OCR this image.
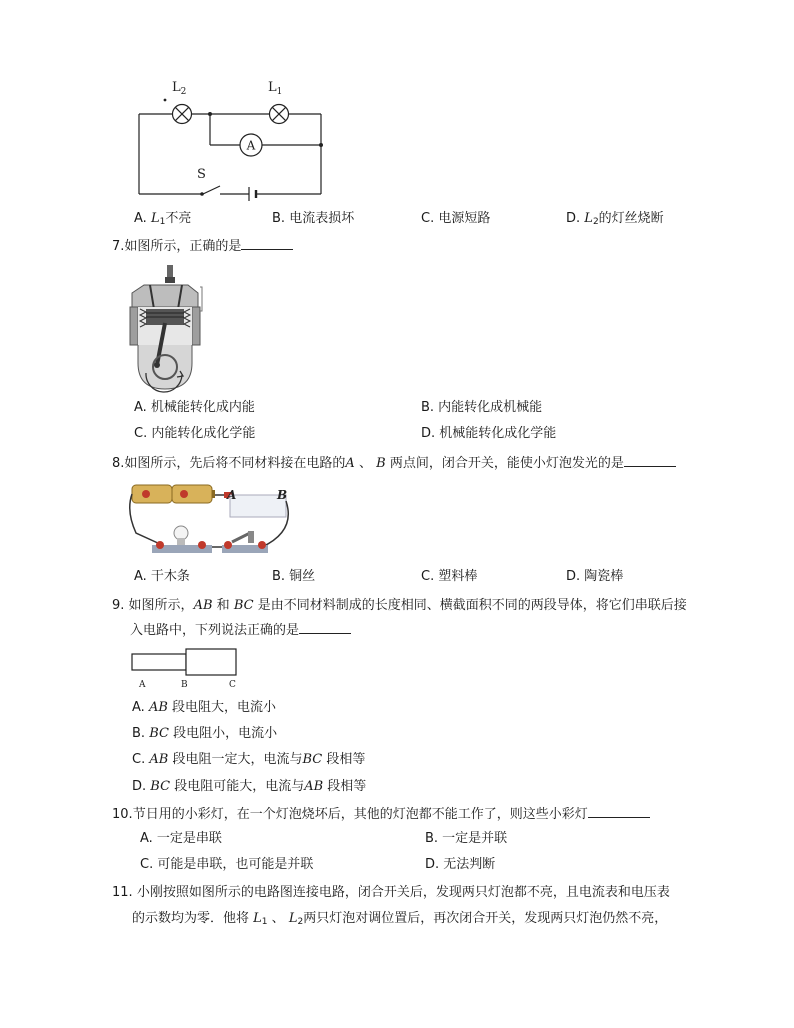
A
$L_2$	$L_1$
S
A. $L_1$不亮	B. 电流表损坏	C. 电源短路	D. $L_2$的灯丝烧断
7.如图所示，正确的是
A. 机械能转化成内能	B. 内能转化成机械能
C. 内能转化成化学能	D. 机械能转化成化学能
8.如图所示，先后将不同材料接在电路的A 、 B 两点间，闭合开关，能使小灯泡发光的是
A	B
A. 干木条	B. 铜丝	C. 塑料棒	D. 陶瓷棒
9. 如图所示，AB 和 BC 是由不同材料制成的长度相同、横截面积不同的两段导体，将它们串联后接
入电路中，下列说法正确的是
A	B	C
A. AB 段电阻大，电流小
B. BC 段电阻小，电流小
C. AB 段电阻一定大，电流与BC 段相等
D. BC 段电阻可能大，电流与AB 段相等
10.节日用的小彩灯，在一个灯泡烧坏后，其他的灯泡都不能工作了，则这些小彩灯
A. 一定是串联	B. 一定是并联
C. 可能是串联，也可能是并联	D. 无法判断
11. 小刚按照如图所示的电路图连接电路，闭合开关后，发现两只灯泡都不亮，且电流表和电压表
的示数均为零．他将 $L_1$ 、 $L_2$两只灯泡对调位置后，再次闭合开关，发现两只灯泡仍然不亮，
